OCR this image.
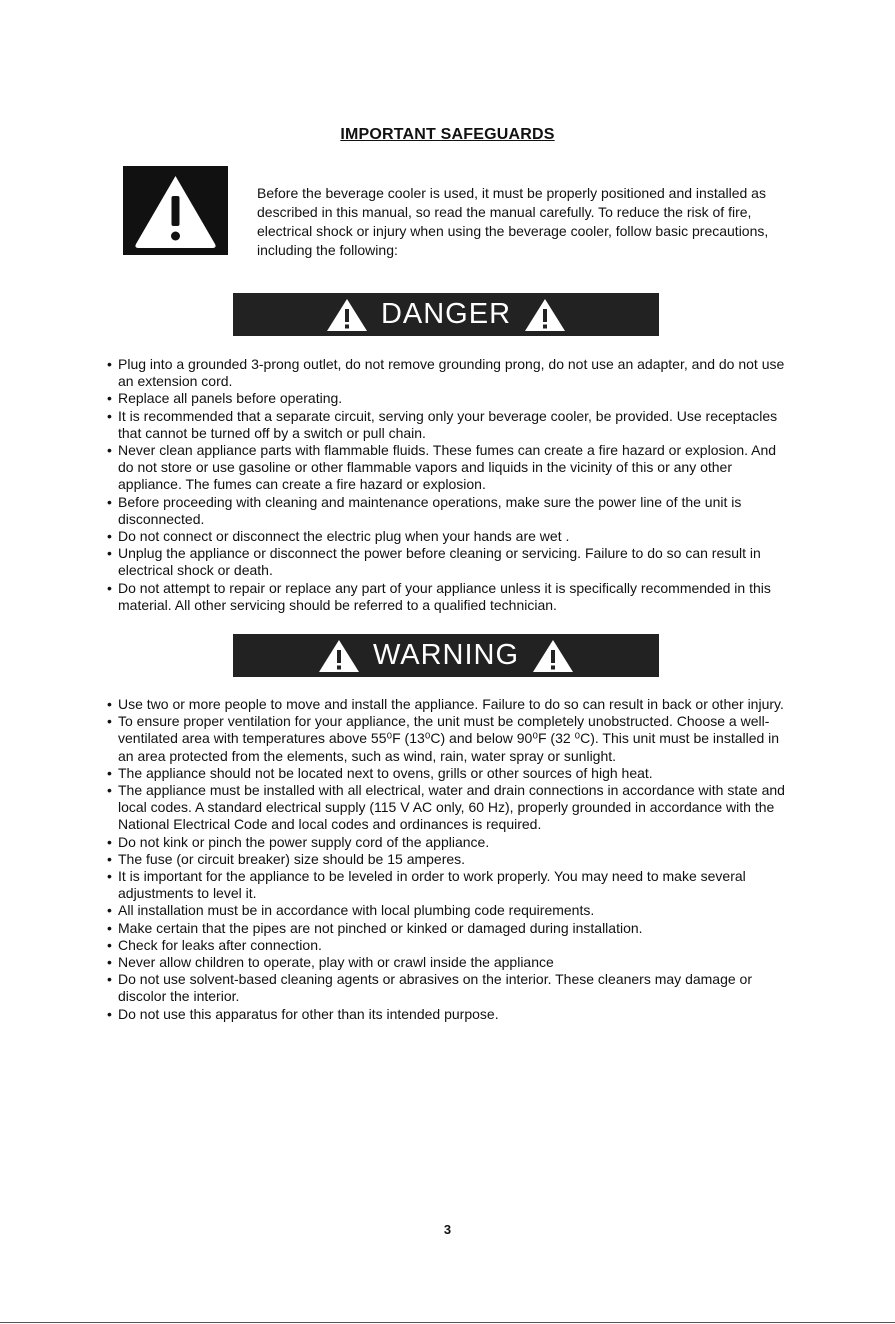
IMPORTANT SAFEGUARDS
Before the beverage cooler is used, it must be properly positioned and installed as described in this manual, so read the manual carefully. To reduce the risk of fire, electrical shock or injury when using the beverage cooler, follow basic precautions, including the following:
DANGER
• Plug into a grounded 3-prong outlet, do not remove grounding prong, do not use an adapter, and do not use an extension cord.
• Replace all panels before operating.
• It is recommended that a separate circuit, serving only your beverage cooler, be provided. Use receptacles that cannot be turned off by a switch or pull chain.
• Never clean appliance parts with flammable fluids. These fumes can create a fire hazard or explosion. And do not store or use gasoline or other flammable vapors and liquids in the vicinity of this or any other appliance. The fumes can create a fire hazard or explosion.
• Before proceeding with cleaning and maintenance operations, make sure the power line of the unit is disconnected.
• Do not connect or disconnect the electric plug when your hands are wet .
• Unplug the appliance or disconnect the power before cleaning or servicing. Failure to do so can result in electrical shock or death.
• Do not attempt to repair or replace any part of your appliance unless it is specifically recommended in this material. All other servicing should be referred to a qualified technician.
WARNING
• Use two or more people to move and install the appliance. Failure to do so can result in back or other injury.
• To ensure proper ventilation for your appliance, the unit must be completely unobstructed. Choose a well-ventilated area with temperatures above 55⁰F (13⁰C) and below 90⁰F (32 ⁰C). This unit must be installed in an area protected from the elements, such as wind, rain, water spray or sunlight.
• The appliance should not be located next to ovens, grills or other sources of high heat.
• The appliance must be installed with all electrical, water and drain connections in accordance with state and local codes. A standard electrical supply (115 V AC only, 60 Hz), properly grounded in accordance with the National Electrical Code and local codes and ordinances is required.
• Do not kink or pinch the power supply cord of the appliance.
• The fuse (or circuit breaker) size should be 15 amperes.
• It is important for the appliance to be leveled in order to work properly. You may need to make several adjustments to level it.
• All installation must be in accordance with local plumbing code requirements.
• Make certain that the pipes are not pinched or kinked or damaged during installation.
• Check for leaks after connection.
• Never allow children to operate, play with or crawl inside the appliance
• Do not use solvent-based cleaning agents or abrasives on the interior. These cleaners may damage or discolor the interior.
• Do not use this apparatus for other than its intended purpose.
3
